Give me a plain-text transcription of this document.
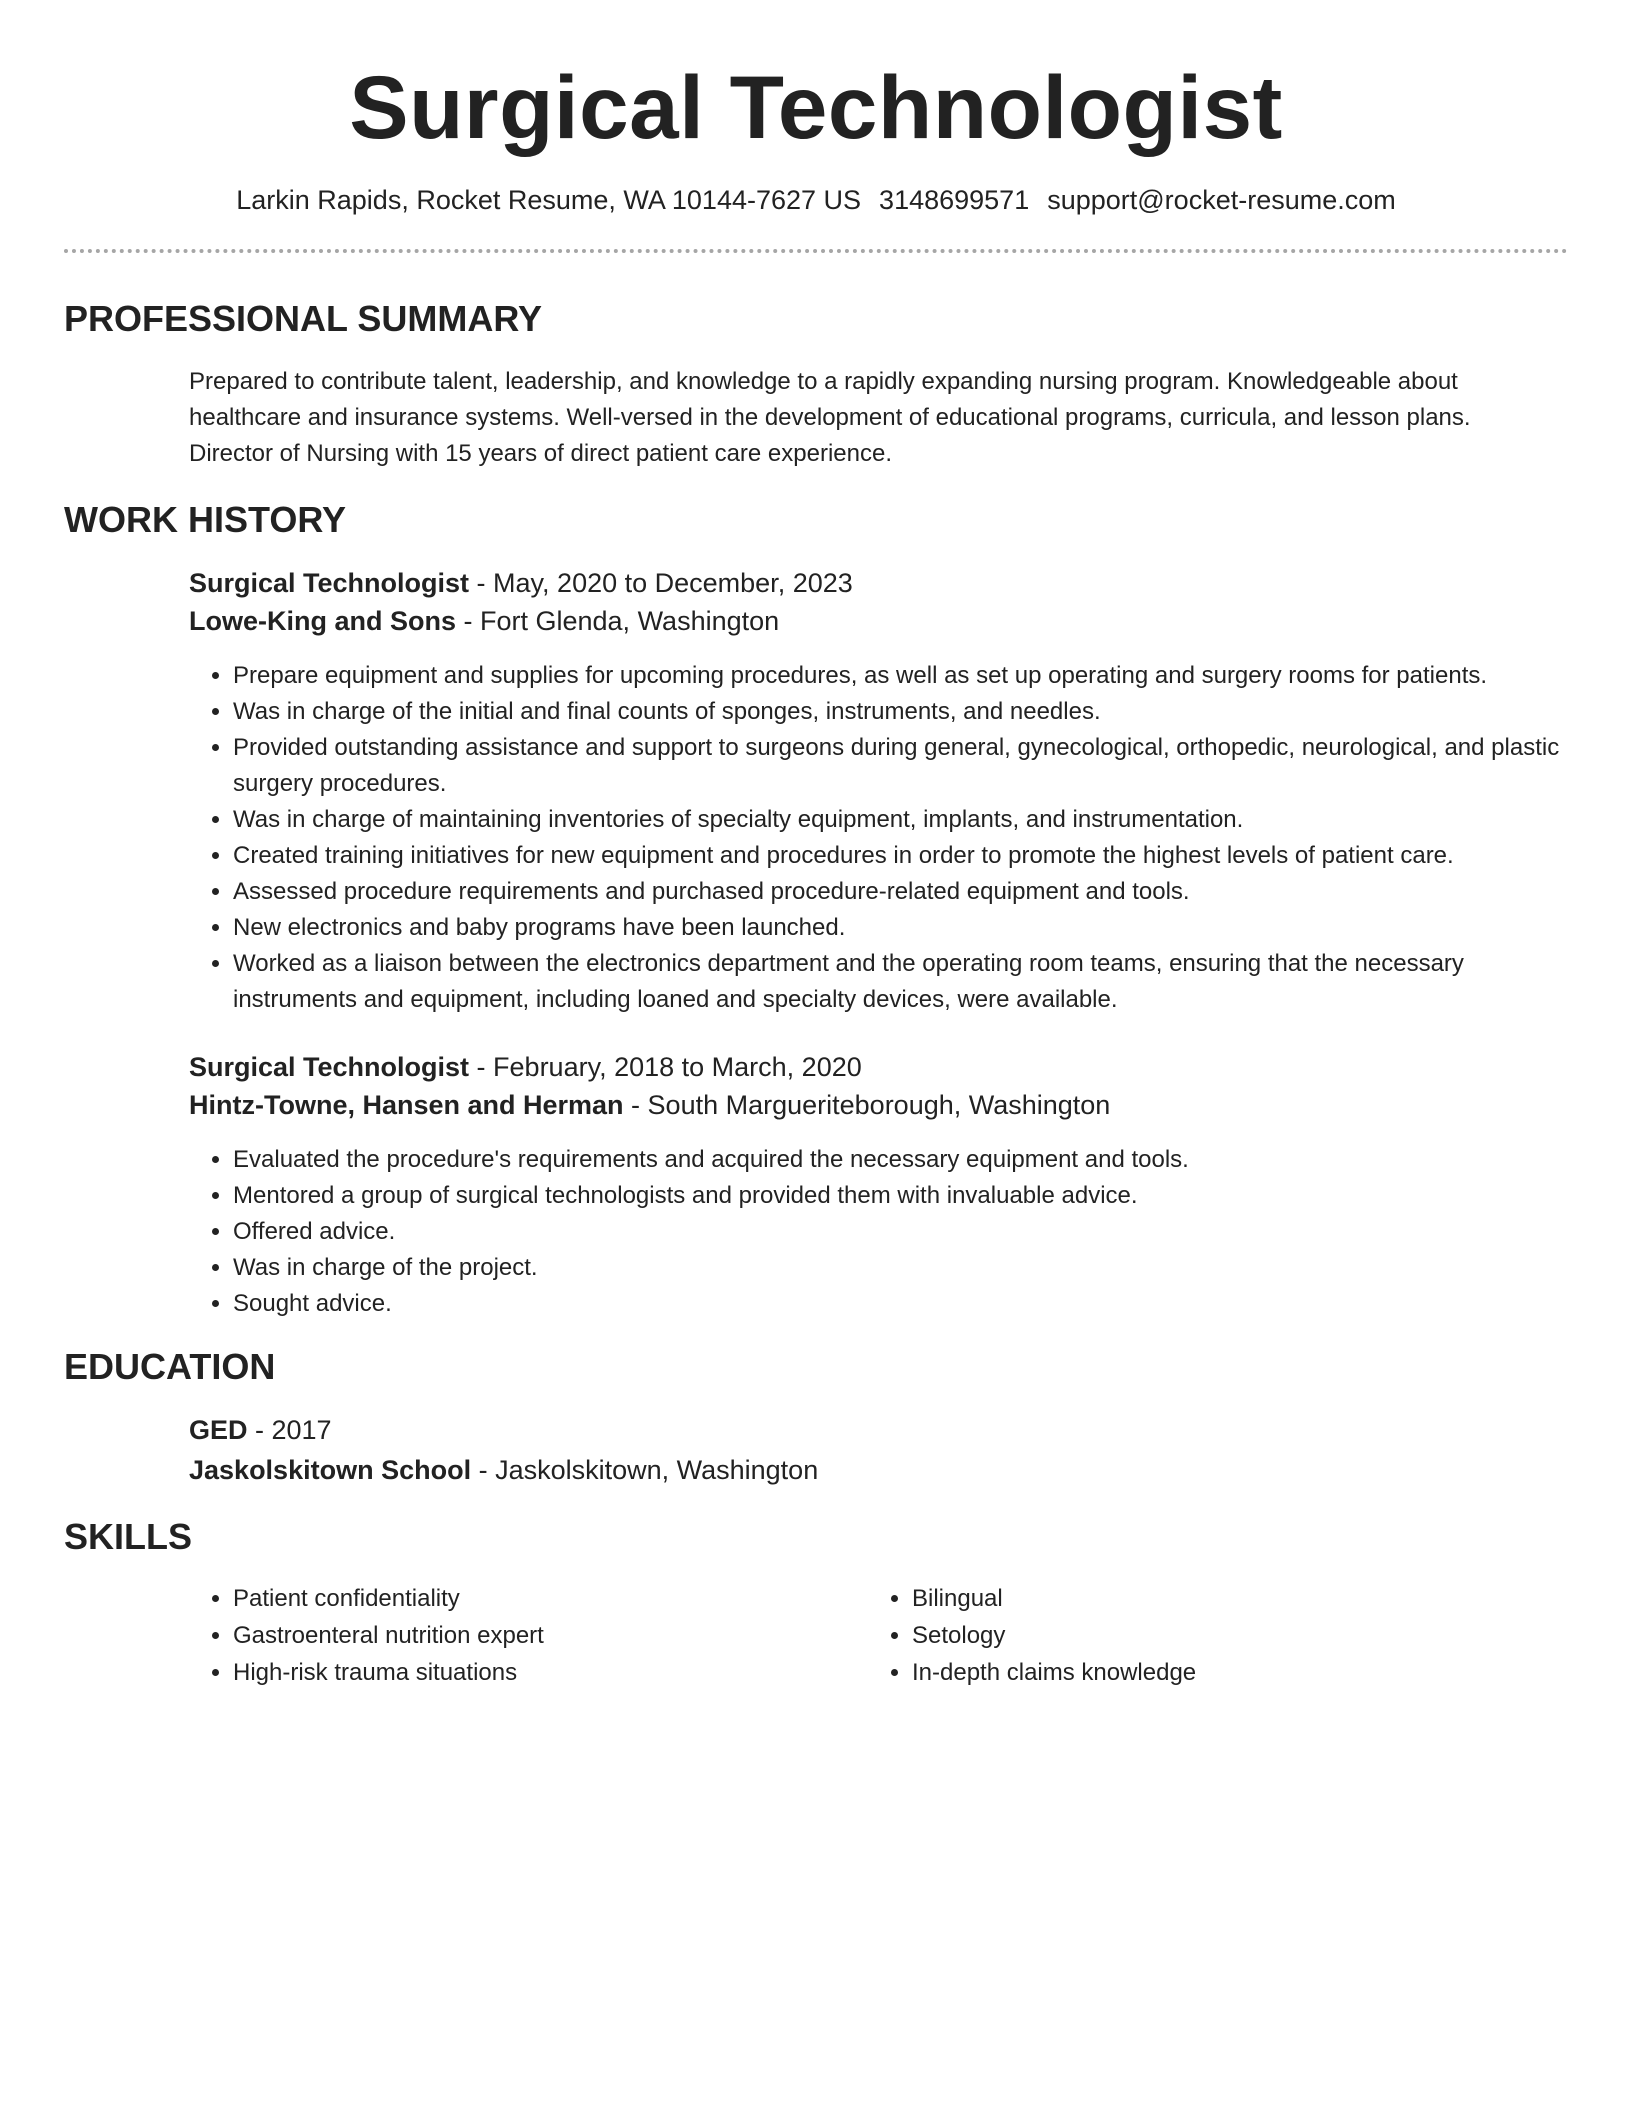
Surgical Technologist
Larkin Rapids, Rocket Resume, WA 10144-7627 US 3148699571 support@rocket-resume.com
PROFESSIONAL SUMMARY

Prepared to contribute talent, leadership, and knowledge to a rapidly expanding nursing program. Knowledgeable about healthcare and insurance systems. Well-versed in the development of educational programs, curricula, and lesson plans. Director of Nursing with 15 years of direct patient care experience.

WORK HISTORY
Surgical Technologist - May, 2020 to December, 2023
Lowe-King and Sons - Fort Glenda, Washington
• Prepare equipment and supplies for upcoming procedures, as well as set up operating and surgery rooms for patients.
• Was in charge of the initial and final counts of sponges, instruments, and needles.
• Provided outstanding assistance and support to surgeons during general, gynecological, orthopedic, neurological, and plastic surgery procedures.
• Was in charge of maintaining inventories of specialty equipment, implants, and instrumentation.
• Created training initiatives for new equipment and procedures in order to promote the highest levels of patient care.
• Assessed procedure requirements and purchased procedure-related equipment and tools.
• New electronics and baby programs have been launched.
• Worked as a liaison between the electronics department and the operating room teams, ensuring that the necessary instruments and equipment, including loaned and specialty devices, were available.
Surgical Technologist - February, 2018 to March, 2020
Hintz-Towne, Hansen and Herman - South Margueriteborough, Washington
• Evaluated the procedure's requirements and acquired the necessary equipment and tools.
• Mentored a group of surgical technologists and provided them with invaluable advice.
• Offered advice.
• Was in charge of the project.
• Sought advice.
EDUCATION
GED - 2017
Jaskolskitown School - Jaskolskitown, Washington
SKILLS
• Patient confidentiality
• Gastroenteral nutrition expert
• High-risk trauma situations
• Bilingual
• Setology
• In-depth claims knowledge
